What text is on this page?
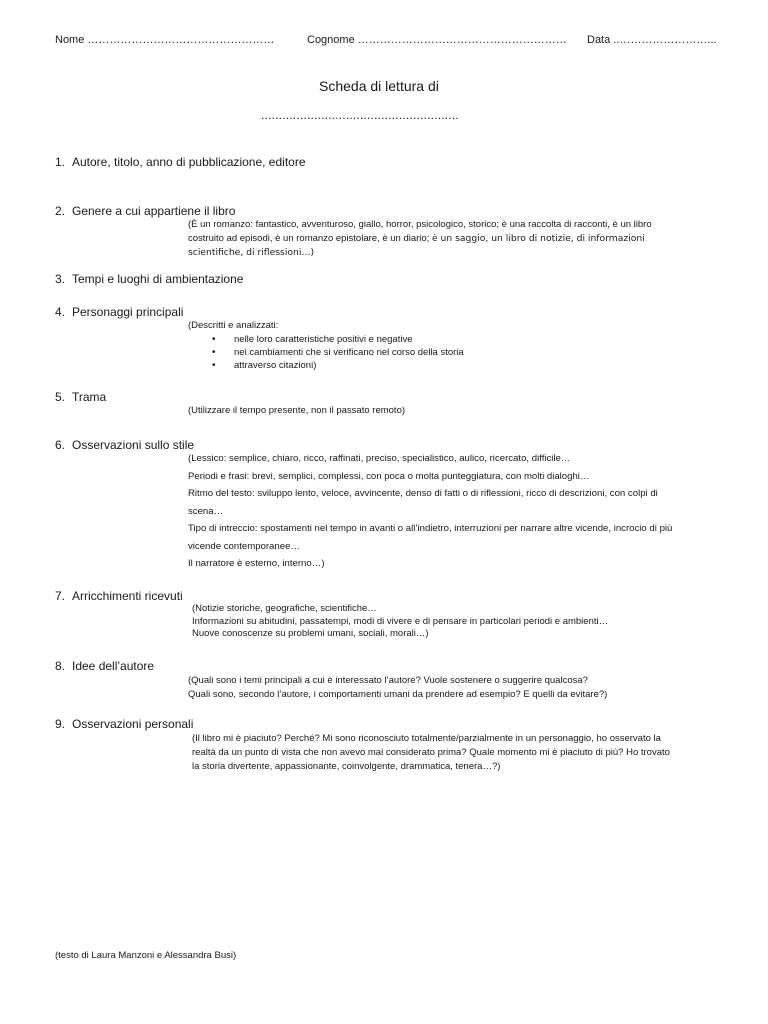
Nome ……………………………………………	Cognome ………………………………………………… Data ..……………………...
Scheda di lettura di
........................................................
1. Autore, titolo, anno di pubblicazione, editore
2. Genere a cui appartiene il libro
(È un romanzo: fantastico, avventuroso, giallo, horror, psicologico, storico; è una raccolta di racconti, è un libro
costruito ad episodi, è un romanzo epistolare, è un diario; è un saggio, un libro di notizie, di informazioni
scientifiche, di riflessioni…)
3. Tempi e luoghi di ambientazione
4. Personaggi principali
(Descritti e analizzati:
• nelle loro caratteristiche positivi e negative
• nei cambiamenti che si verificano nel corso della storia
• attraverso citazioni)
5. Trama
(Utilizzare il tempo presente, non il passato remoto)
6. Osservazioni sullo stile
(Lessico: semplice, chiaro, ricco, raffinati, preciso, specialistico, aulico, ricercato, difficile…
Periodi e frasi: brevi, semplici, complessi, con poca o molta punteggiatura, con molti dialoghi…
Ritmo del testo: sviluppo lento, veloce, avvincente, denso di fatti o di riflessioni, ricco di descrizioni, con colpi di
scena…
Tipo di intreccio: spostamenti nel tempo in avanti o all’indietro, interruzioni per narrare altre vicende, incrocio di più
vicende contemporanee…
Il narratore è esterno, interno…)
7. Arricchimenti ricevuti
(Notizie storiche, geografiche, scientifiche…
Informazioni su abitudini, passatempi, modi di vivere e di pensare in particolari periodi e ambienti…
Nuove conoscenze su problemi umani, sociali, morali…)
8. Idee dell’autore
(Quali sono i temi principali a cui è interessato l’autore? Vuole sostenere o suggerire qualcosa?
Quali sono, secondo l’autore, i comportamenti umani da prendere ad esempio? E quelli da evitare?)
9. Osservazioni personali
(Il libro mi è piaciuto? Perché? Mi sono riconosciuto totalmente/parzialmente in un personaggio, ho osservato la
realtà da un punto di vista che non avevo mai considerato prima? Quale momento mi è piaciuto di più? Ho trovato
la storia divertente, appassionante, coinvolgente, drammatica, tenera…?)
(testo di Laura Manzoni e Alessandra Busi)
